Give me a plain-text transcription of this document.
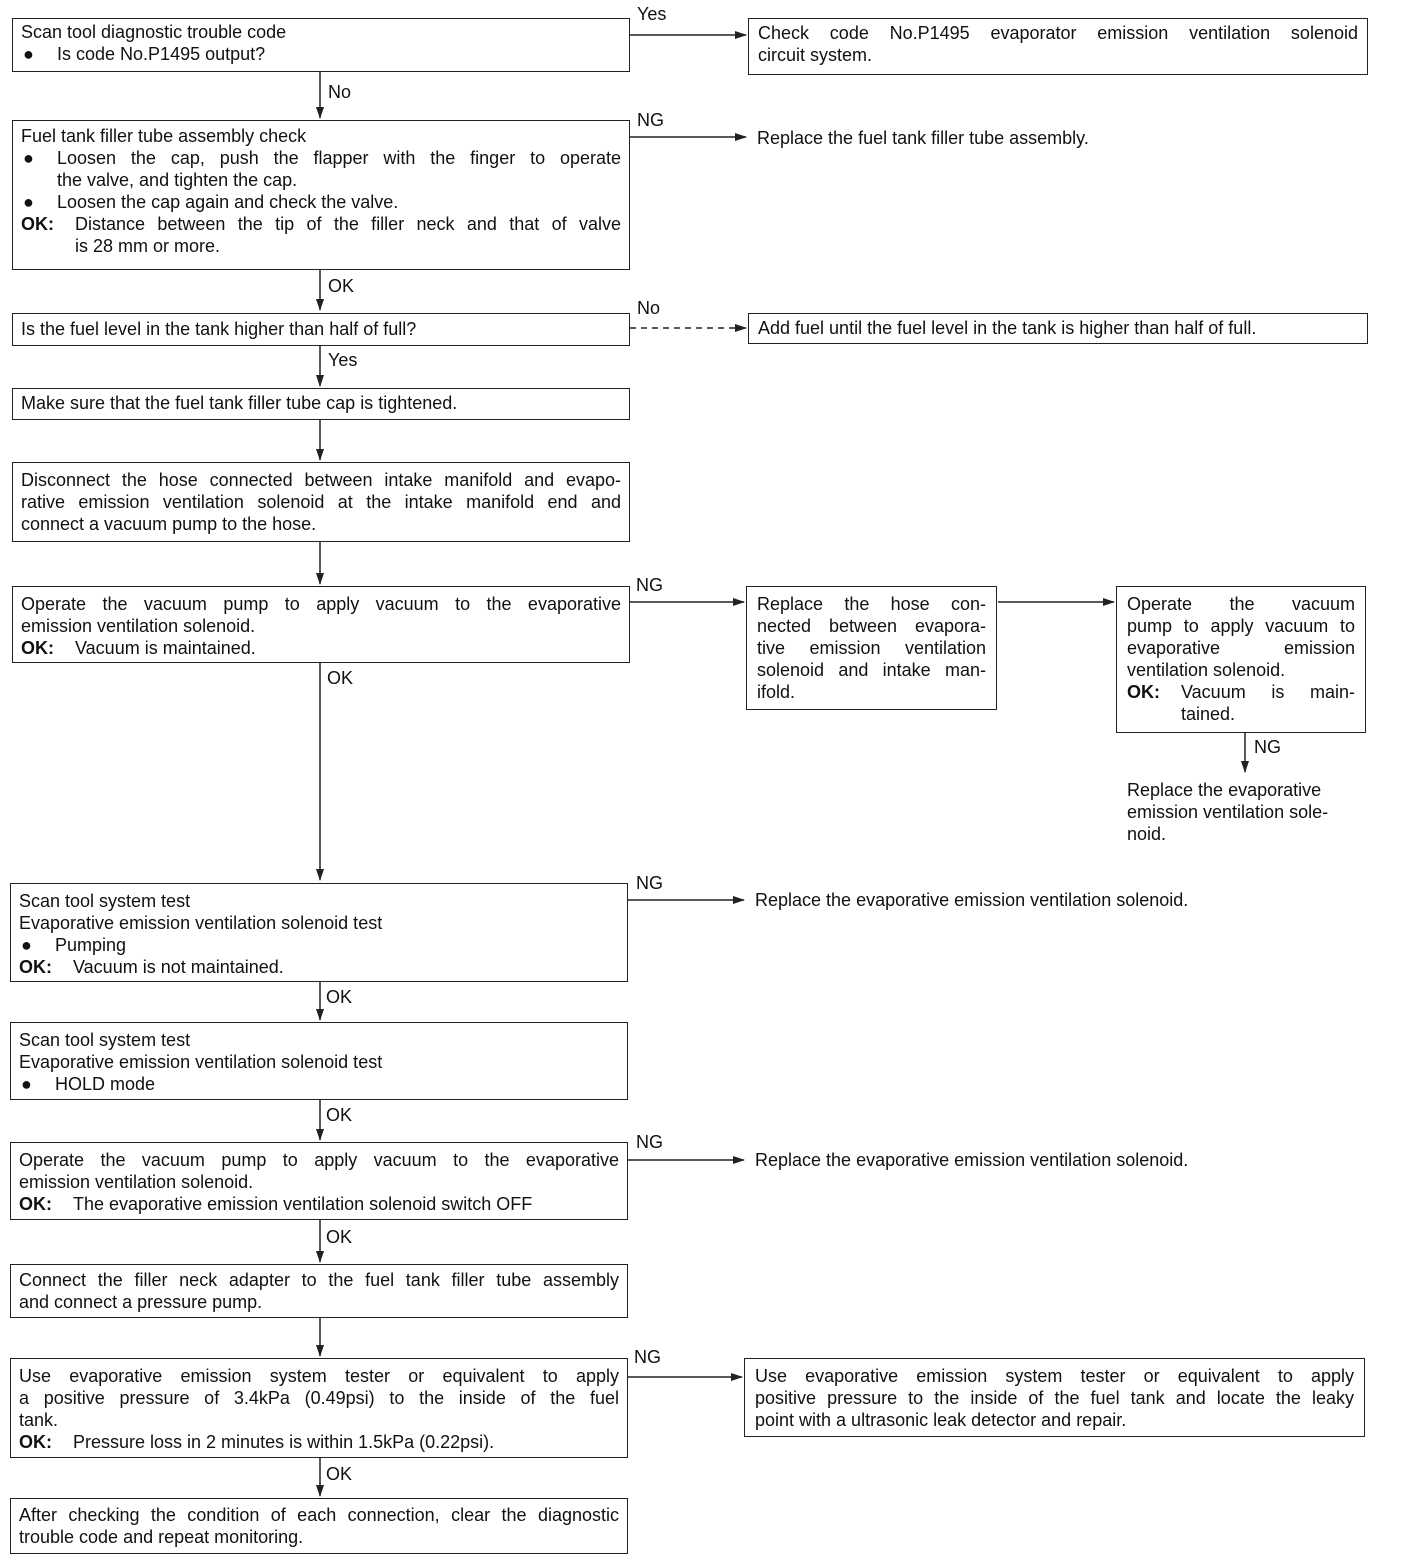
Scan tool diagnostic trouble code
●	Is code No.P1495 output?
Yes
Check code No.P1495 evaporator emission ventilation solenoid
circuit system.
No
Fuel tank filler tube assembly check
●	Loosen the cap, push the flapper with the finger to operate
the valve, and tighten the cap.
●	Loosen the cap again and check the valve.
OK:	Distance between the tip of the filler neck and that of valve
is 28 mm or more.
NG
Replace the fuel tank filler tube assembly.
OK
Is the fuel level in the tank higher than half of full?
No
Add fuel until the fuel level in the tank is higher than half of full.
Yes
Make sure that the fuel tank filler tube cap is tightened.
Disconnect the hose connected between intake manifold and evapo-
rative emission ventilation solenoid at the intake manifold end and
connect a vacuum pump to the hose.
Operate the vacuum pump to apply vacuum to the evaporative
emission ventilation solenoid.
OK:	Vacuum is maintained.
NG
OK
Replace the hose con-
nected between evapora-
tive emission ventilation
solenoid and intake man-
ifold.
Operate the vacuum
pump to apply vacuum to
evaporative emission
ventilation solenoid.
OK:	Vacuum is main-
tained.
NG
Replace the evaporative
emission ventilation sole-
noid.
Scan tool system test
Evaporative emission ventilation solenoid test
●	Pumping
OK:	Vacuum is not maintained.
NG
Replace the evaporative emission ventilation solenoid.
OK
Scan tool system test
Evaporative emission ventilation solenoid test
●	HOLD mode
OK
Operate the vacuum pump to apply vacuum to the evaporative
emission ventilation solenoid.
OK:	The evaporative emission ventilation solenoid switch OFF
NG
Replace the evaporative emission ventilation solenoid.
OK
Connect the filler neck adapter to the fuel tank filler tube assembly
and connect a pressure pump.
Use evaporative emission system tester or equivalent to apply
a positive pressure of 3.4kPa (0.49psi) to the inside of the fuel
tank.
OK:	Pressure loss in 2 minutes is within 1.5kPa (0.22psi).
NG
Use evaporative emission system tester or equivalent to apply
positive pressure to the inside of the fuel tank and locate the leaky
point with a ultrasonic leak detector and repair.
OK
After checking the condition of each connection, clear the diagnostic
trouble code and repeat monitoring.
